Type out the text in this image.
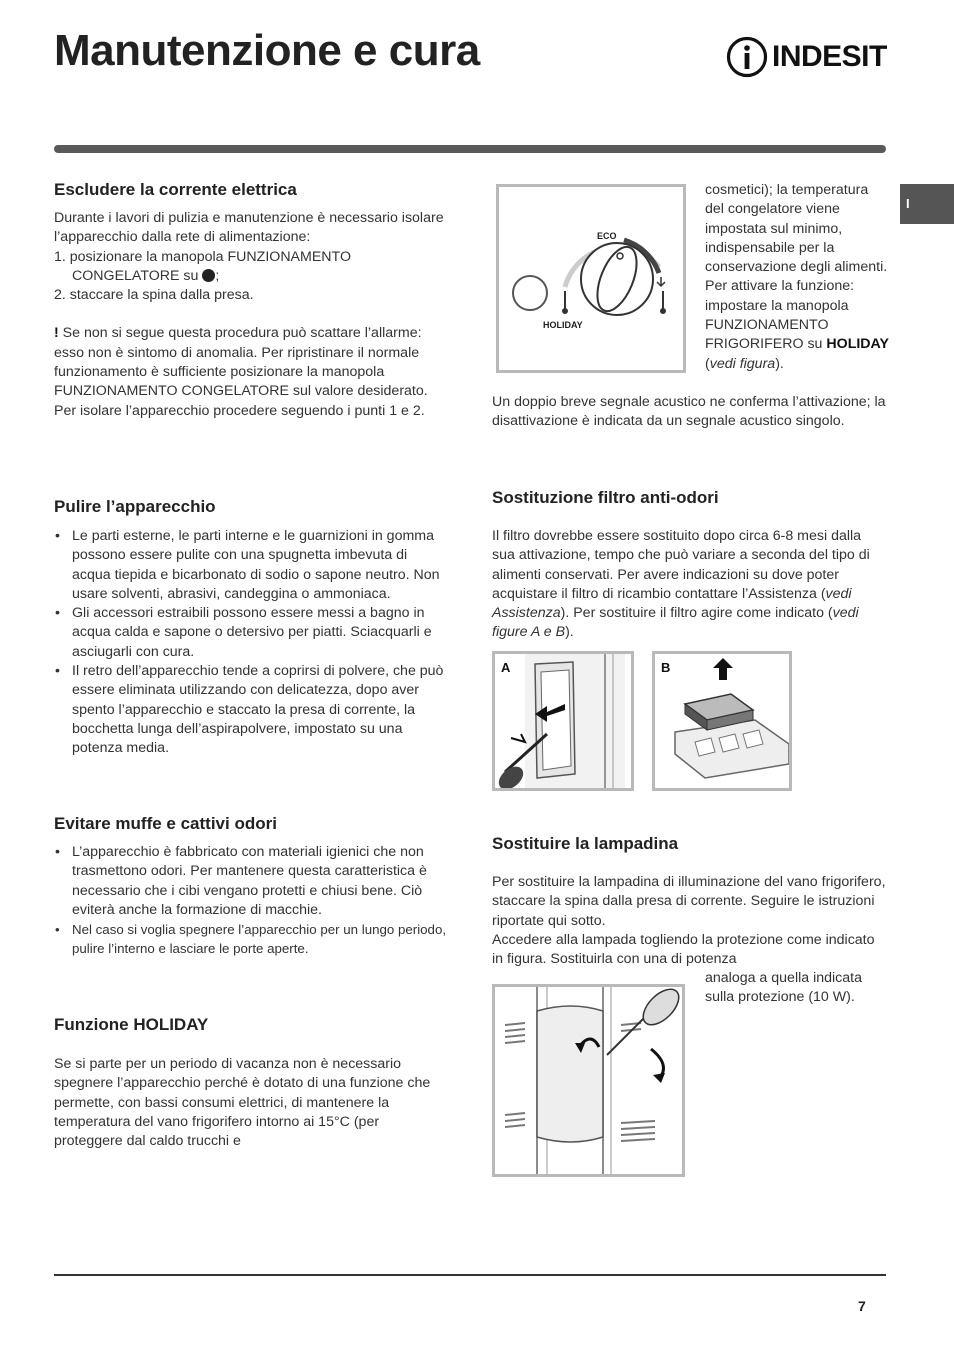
Manutenzione e cura	INDESIT
I
Escludere la corrente elettrica

Durante i lavori di pulizia e manutenzione è necessario isolare l’apparecchio dalla rete di alimentazione:

1. posizionare la manopola FUNZIONAMENTO CONGELATORE su ;

2. staccare la spina dalla presa.

! Se non si segue questa procedura può scattare l’allarme: esso non è sintomo di anomalia. Per ripristinare il normale funzionamento è sufficiente posizionare la manopola FUNZIONAMENTO CONGELATORE sul valore desiderato. Per isolare l’apparecchio procedere seguendo i punti 1 e 2.

Pulire l’apparecchio
• Le parti esterne, le parti interne e le guarnizioni in gomma possono essere pulite con una spugnetta imbevuta di acqua tiepida e bicarbonato di sodio o sapone neutro. Non usare solventi, abrasivi, candeggina o ammoniaca.
• Gli accessori estraibili possono essere messi a bagno in acqua calda e sapone o detersivo per piatti. Sciacquarli e asciugarli con cura.
• Il retro dell’apparecchio tende a coprirsi di polvere, che può essere eliminata utilizzando con delicatezza, dopo aver spento l’apparecchio e staccato la presa di corrente, la bocchetta lunga dell’aspirapolvere, impostato su una potenza media.
Evitare muffe e cattivi odori
• L’apparecchio è fabbricato con materiali igienici che non trasmettono odori. Per mantenere questa caratteristica è necessario che i cibi vengano protetti e chiusi bene. Ciò eviterà anche la formazione di macchie.
• Nel caso si voglia spegnere l’apparecchio per un lungo periodo, pulire l’interno e lasciare le porte aperte.
Funzione HOLIDAY

Se si parte per un periodo di vacanza non è necessario spegnere l’apparecchio perché è dotato di una funzione che permette, con bassi consumi elettrici, di mantenere la temperatura del vano frigorifero intorno ai 15°C (per proteggere dal caldo trucchi e

ECO
HOLIDAY

cosmetici); la temperatura del congelatore viene impostata sul minimo, indispensabile per la conservazione degli alimenti.

Per attivare la funzione: impostare la manopola FUNZIONAMENTO FRIGORIFERO su HOLIDAY (vedi figura).

Un doppio breve segnale acustico ne conferma l’attivazione; la disattivazione è indicata da un segnale acustico singolo.

Sostituzione filtro anti-odori

Il filtro dovrebbe essere sostituito dopo circa 6-8 mesi dalla sua attivazione, tempo che può variare a seconda del tipo di alimenti conservati. Per avere indicazioni su dove poter acquistare il filtro di ricambio contattare l’Assistenza (vedi Assistenza). Per sostituire il filtro agire come indicato (vedi figure A e B).

A	B
Sostituire la lampadina

Per sostituire la lampadina di illuminazione del vano frigorifero, staccare la spina dalla presa di corrente. Seguire le istruzioni riportate qui sotto.

Accedere alla lampada togliendo la protezione come indicato in figura. Sostituirla con una di potenza

analoga a quella indicata sulla protezione (10 W).

7
